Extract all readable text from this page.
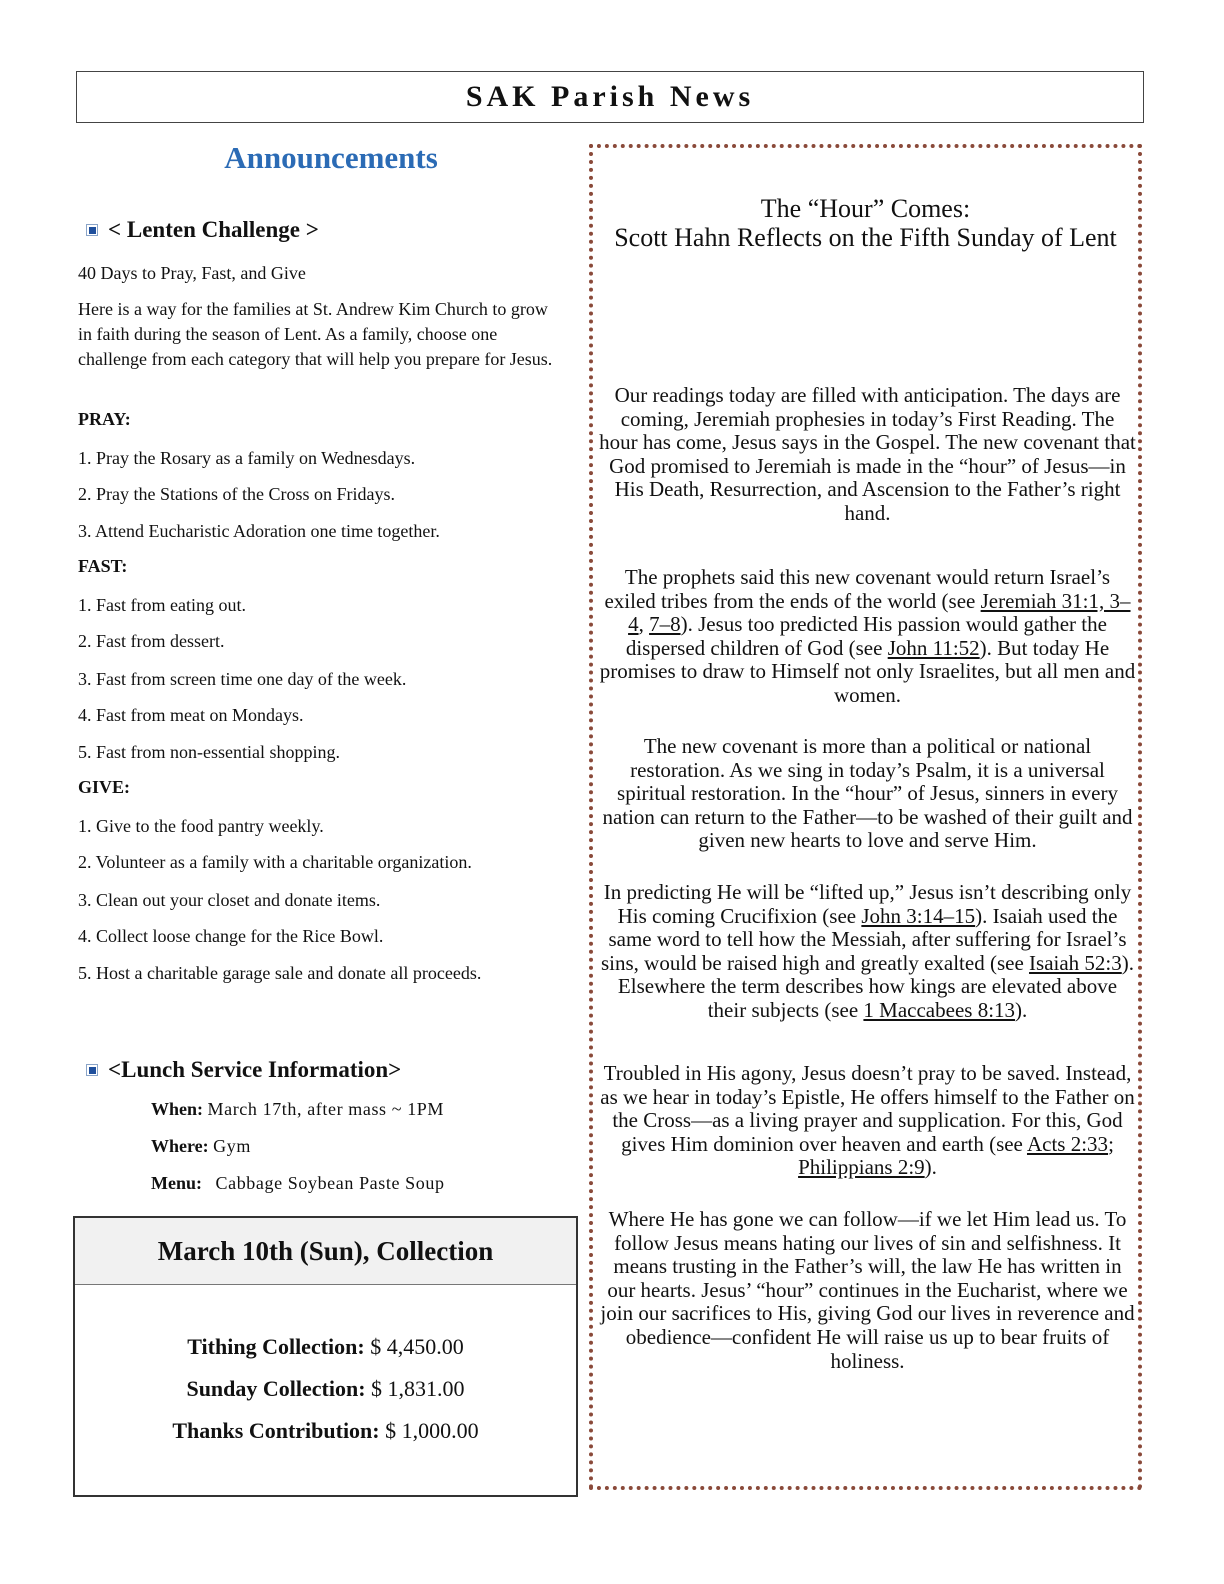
SAK Parish News
Announcements
< Lenten Challenge >

40 Days to Pray, Fast, and Give

Here is a way for the families at St. Andrew Kim Church to grow in faith during the season of Lent. As a family, choose one challenge from each category that will help you prepare for Jesus.

PRAY:

1. Pray the Rosary as a family on Wednesdays.

2. Pray the Stations of the Cross on Fridays.

3. Attend Eucharistic Adoration one time together.

FAST:

1. Fast from eating out.

2. Fast from dessert.

3. Fast from screen time one day of the week.

4. Fast from meat on Mondays.

5. Fast from non-essential shopping.

GIVE:

1. Give to the food pantry weekly.

2. Volunteer as a family with a charitable organization.

3. Clean out your closet and donate items.

4. Collect loose change for the Rice Bowl.

5. Host a charitable garage sale and donate all proceeds.

<Lunch Service Information>
When: March 17th, after mass ~ 1PM
Where: Gym
Menu: Cabbage Soybean Paste Soup
March 10th (Sun), Collection
Tithing Collection: $ 4,450.00
Sunday Collection: $ 1,831.00
Thanks Contribution: $ 1,000.00
The “Hour” Comes:
Scott Hahn Reflects on the Fifth Sunday of Lent
Our readings today are filled with anticipation. The days are coming, Jeremiah prophesies in today’s First Reading. The hour has come, Jesus says in the Gospel. The new covenant that God promised to Jeremiah is made in the “hour” of Jesus—in His Death, Resurrection, and Ascension to the Father’s right hand.
The prophets said this new covenant would return Israel’s exiled tribes from the ends of the world (see Jeremiah 31:1, 3–4, 7–8). Jesus too predicted His passion would gather the dispersed children of God (see John 11:52). But today He promises to draw to Himself not only Israelites, but all men and women.
The new covenant is more than a political or national restoration. As we sing in today’s Psalm, it is a universal spiritual restoration. In the “hour” of Jesus, sinners in every nation can return to the Father—to be washed of their guilt and given new hearts to love and serve Him.
In predicting He will be “lifted up,” Jesus isn’t describing only His coming Crucifixion (see John 3:14–15). Isaiah used the same word to tell how the Messiah, after suffering for Israel’s sins, would be raised high and greatly exalted (see Isaiah 52:3). Elsewhere the term describes how kings are elevated above their subjects (see 1 Maccabees 8:13).
Troubled in His agony, Jesus doesn’t pray to be saved. Instead, as we hear in today’s Epistle, He offers himself to the Father on the Cross—as a living prayer and supplication. For this, God gives Him dominion over heaven and earth (see Acts 2:33; Philippians 2:9).
Where He has gone we can follow—if we let Him lead us. To follow Jesus means hating our lives of sin and selfishness. It means trusting in the Father’s will, the law He has written in our hearts. Jesus’ “hour” continues in the Eucharist, where we join our sacrifices to His, giving God our lives in reverence and obedience—confident He will raise us up to bear fruits of holiness.
